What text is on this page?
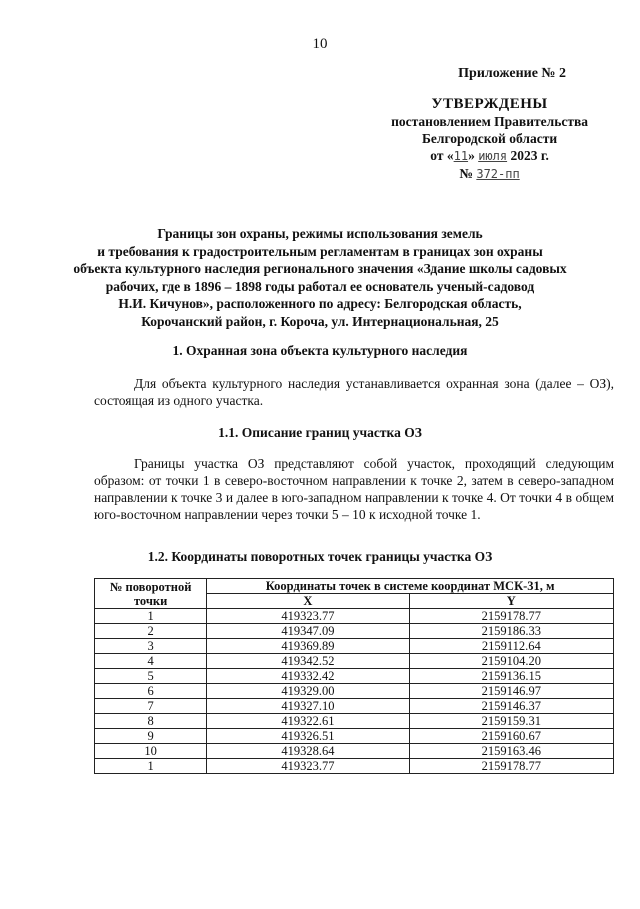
10
Приложение № 2
УТВЕРЖДЕНЫ
постановлением Правительства
Белгородской области
от «11» июля 2023 г.
№ 372-пп
Границы зон охраны, режимы использования земель
и требования к градостроительным регламентам в границах зон охраны
объекта культурного наследия регионального значения «Здание школы садовых
рабочих, где в 1896 – 1898 годы работал ее основатель ученый-садовод
Н.И. Кичунов», расположенного по адресу: Белгородская область,
Корочанский район, г. Короча, ул. Интернациональная, 25
1. Охранная зона объекта культурного наследия
Для объекта культурного наследия устанавливается охранная зона (далее – ОЗ), состоящая из одного участка.
1.1. Описание границ участка ОЗ
Границы участка ОЗ представляют собой участок, проходящий следующим образом: от точки 1 в северо-восточном направлении к точке 2, затем в северо-западном направлении к точке 3 и далее в юго-западном направлении к точке 4. От точки 4 в общем юго-восточном направлении через точки 5 – 10 к исходной точке 1.
1.2. Координаты поворотных точек границы участка ОЗ
№ поворотной точки	Координаты точек в системе координат МСК-31, м	
	X	Y
1	419323.77	2159178.77
2	419347.09	2159186.33
3	419369.89	2159112.64
4	419342.52	2159104.20
5	419332.42	2159136.15
6	419329.00	2159146.97
7	419327.10	2159146.37
8	419322.61	2159159.31
9	419326.51	2159160.67
10	419328.64	2159163.46
1	419323.77	2159178.77
